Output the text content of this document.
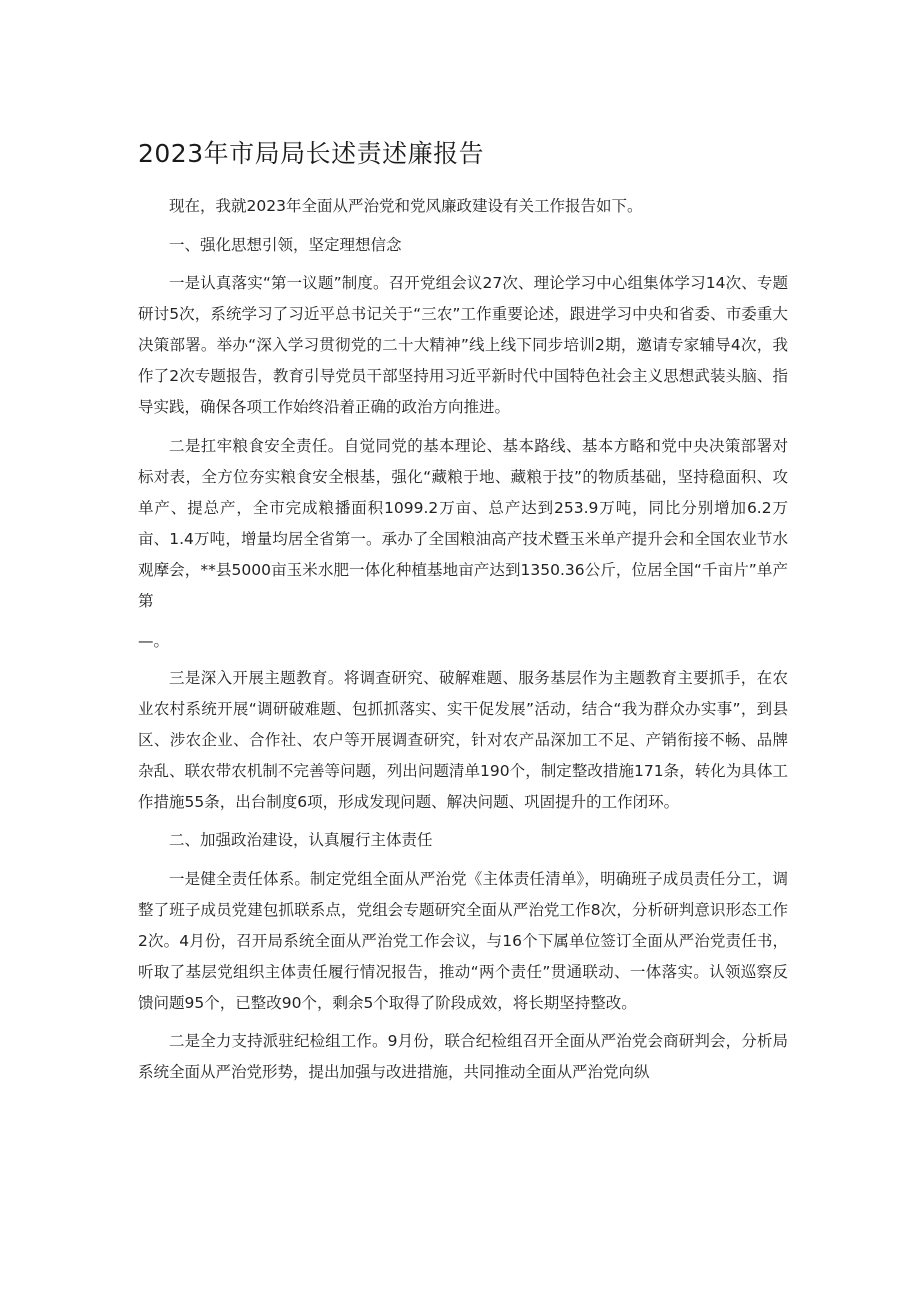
2023年市局局长述责述廉报告

现在，我就2023年全面从严治党和党风廉政建设有关工作报告如下。

一、强化思想引领，坚定理想信念

一是认真落实“第一议题”制度。召开党组会议27次、理论学习中心组集体学习14次、专题研讨5次，系统学习了习近平总书记关于“三农”工作重要论述，跟进学习中央和省委、市委重大决策部署。举办“深入学习贯彻党的二十大精神”线上线下同步培训2期，邀请专家辅导4次，我作了2次专题报告，教育引导党员干部坚持用习近平新时代中国特色社会主义思想武装头脑、指导实践，确保各项工作始终沿着正确的政治方向推进。

二是扛牢粮食安全责任。自觉同党的基本理论、基本路线、基本方略和党中央决策部署对标对表，全方位夯实粮食安全根基，强化“藏粮于地、藏粮于技”的物质基础，坚持稳面积、攻单产、提总产，全市完成粮播面积1099.2万亩、总产达到253.9万吨，同比分别增加6.2万亩、1.4万吨，增量均居全省第一。承办了全国粮油高产技术暨玉米单产提升会和全国农业节水观摩会，**县5000亩玉米水肥一体化种植基地亩产达到1350.36公斤，位居全国“千亩片”单产第

—。

三是深入开展主题教育。将调查研究、破解难题、服务基层作为主题教育主要抓手，在农业农村系统开展“调研破难题、包抓抓落实、实干促发展”活动，结合“我为群众办实事”，到县区、涉农企业、合作社、农户等开展调查研究，针对农产品深加工不足、产销衔接不畅、品牌杂乱、联农带农机制不完善等问题，列出问题清单190个，制定整改措施171条，转化为具体工作措施55条，出台制度6项，形成发现问题、解决问题、巩固提升的工作闭环。

二、加强政治建设，认真履行主体责任

一是健全责任体系。制定党组全面从严治党《主体责任清单》，明确班子成员责任分工，调整了班子成员党建包抓联系点，党组会专题研究全面从严治党工作8次，分析研判意识形态工作2次。4月份，召开局系统全面从严治党工作会议，与16个下属单位签订全面从严治党责任书，听取了基层党组织主体责任履行情况报告，推动“两个责任”贯通联动、一体落实。认领巡察反馈问题95个，已整改90个，剩余5个取得了阶段成效，将长期坚持整改。

二是全力支持派驻纪检组工作。9月份，联合纪检组召开全面从严治党会商研判会，分析局系统全面从严治党形势，提出加强与改进措施，共同推动全面从严治党向纵
